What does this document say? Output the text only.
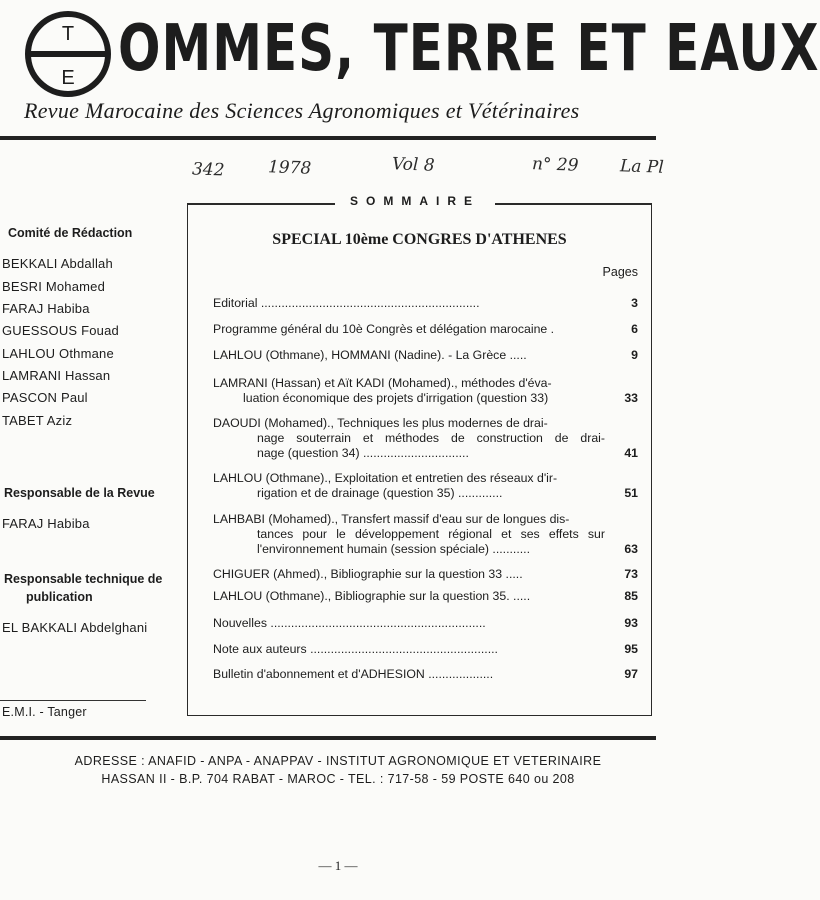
T
E OMMES, TERRE ET EAUX
Revue Marocaine des Sciences Agronomiques et Vétérinaires
342	1978	Vol 8	n° 29 La Pl
Comité de Rédaction
BEKKALI Abdallah
BESRI Mohamed
FARAJ Habiba
GUESSOUS Fouad
LAHLOU Othmane
LAMRANI Hassan
PASCON Paul
TABET Aziz
Responsable de la Revue
FARAJ Habiba
Responsable technique de
publication
EL BAKKALI Abdelghani
E.M.I. - Tanger
SOMMAIRE
SPECIAL 10ème CONGRES D'ATHENES
Pages
Editorial ................................................................	3
Programme général du 10è Congrès et délégation marocaine .	6
LAHLOU (Othmane), HOMMANI (Nadine). - La Grèce .....	9
LAMRANI (Hassan) et Aït KADI (Mohamed)., méthodes d'éva-
luation économique des projets d'irrigation (question 33)	33
DAOUDI (Mohamed)., Techniques les plus modernes de drai-
nage souterrain et méthodes de construction de drai-
nage (question 34) ...............................	41
LAHLOU (Othmane)., Exploitation et entretien des réseaux d'ir-
rigation et de drainage (question 35) .............	51
LAHBABI (Mohamed)., Transfert massif d'eau sur de longues dis-
tances pour le développement régional et ses effets sur
l'environnement humain (session spéciale) ...........	63
CHIGUER (Ahmed)., Bibliographie sur la question 33 .....	73
LAHLOU (Othmane)., Bibliographie sur la question 35. .....	85
Nouvelles ...............................................................	93
Note aux auteurs .......................................................	95
Bulletin d'abonnement et d'ADHESION ...................	97
ADRESSE : ANAFID - ANPA - ANAPPAV - INSTITUT AGRONOMIQUE ET VETERINAIRE
HASSAN II - B.P. 704 RABAT - MAROC - TEL. : 717-58 - 59 POSTE 640 ou 208
— 1 —
